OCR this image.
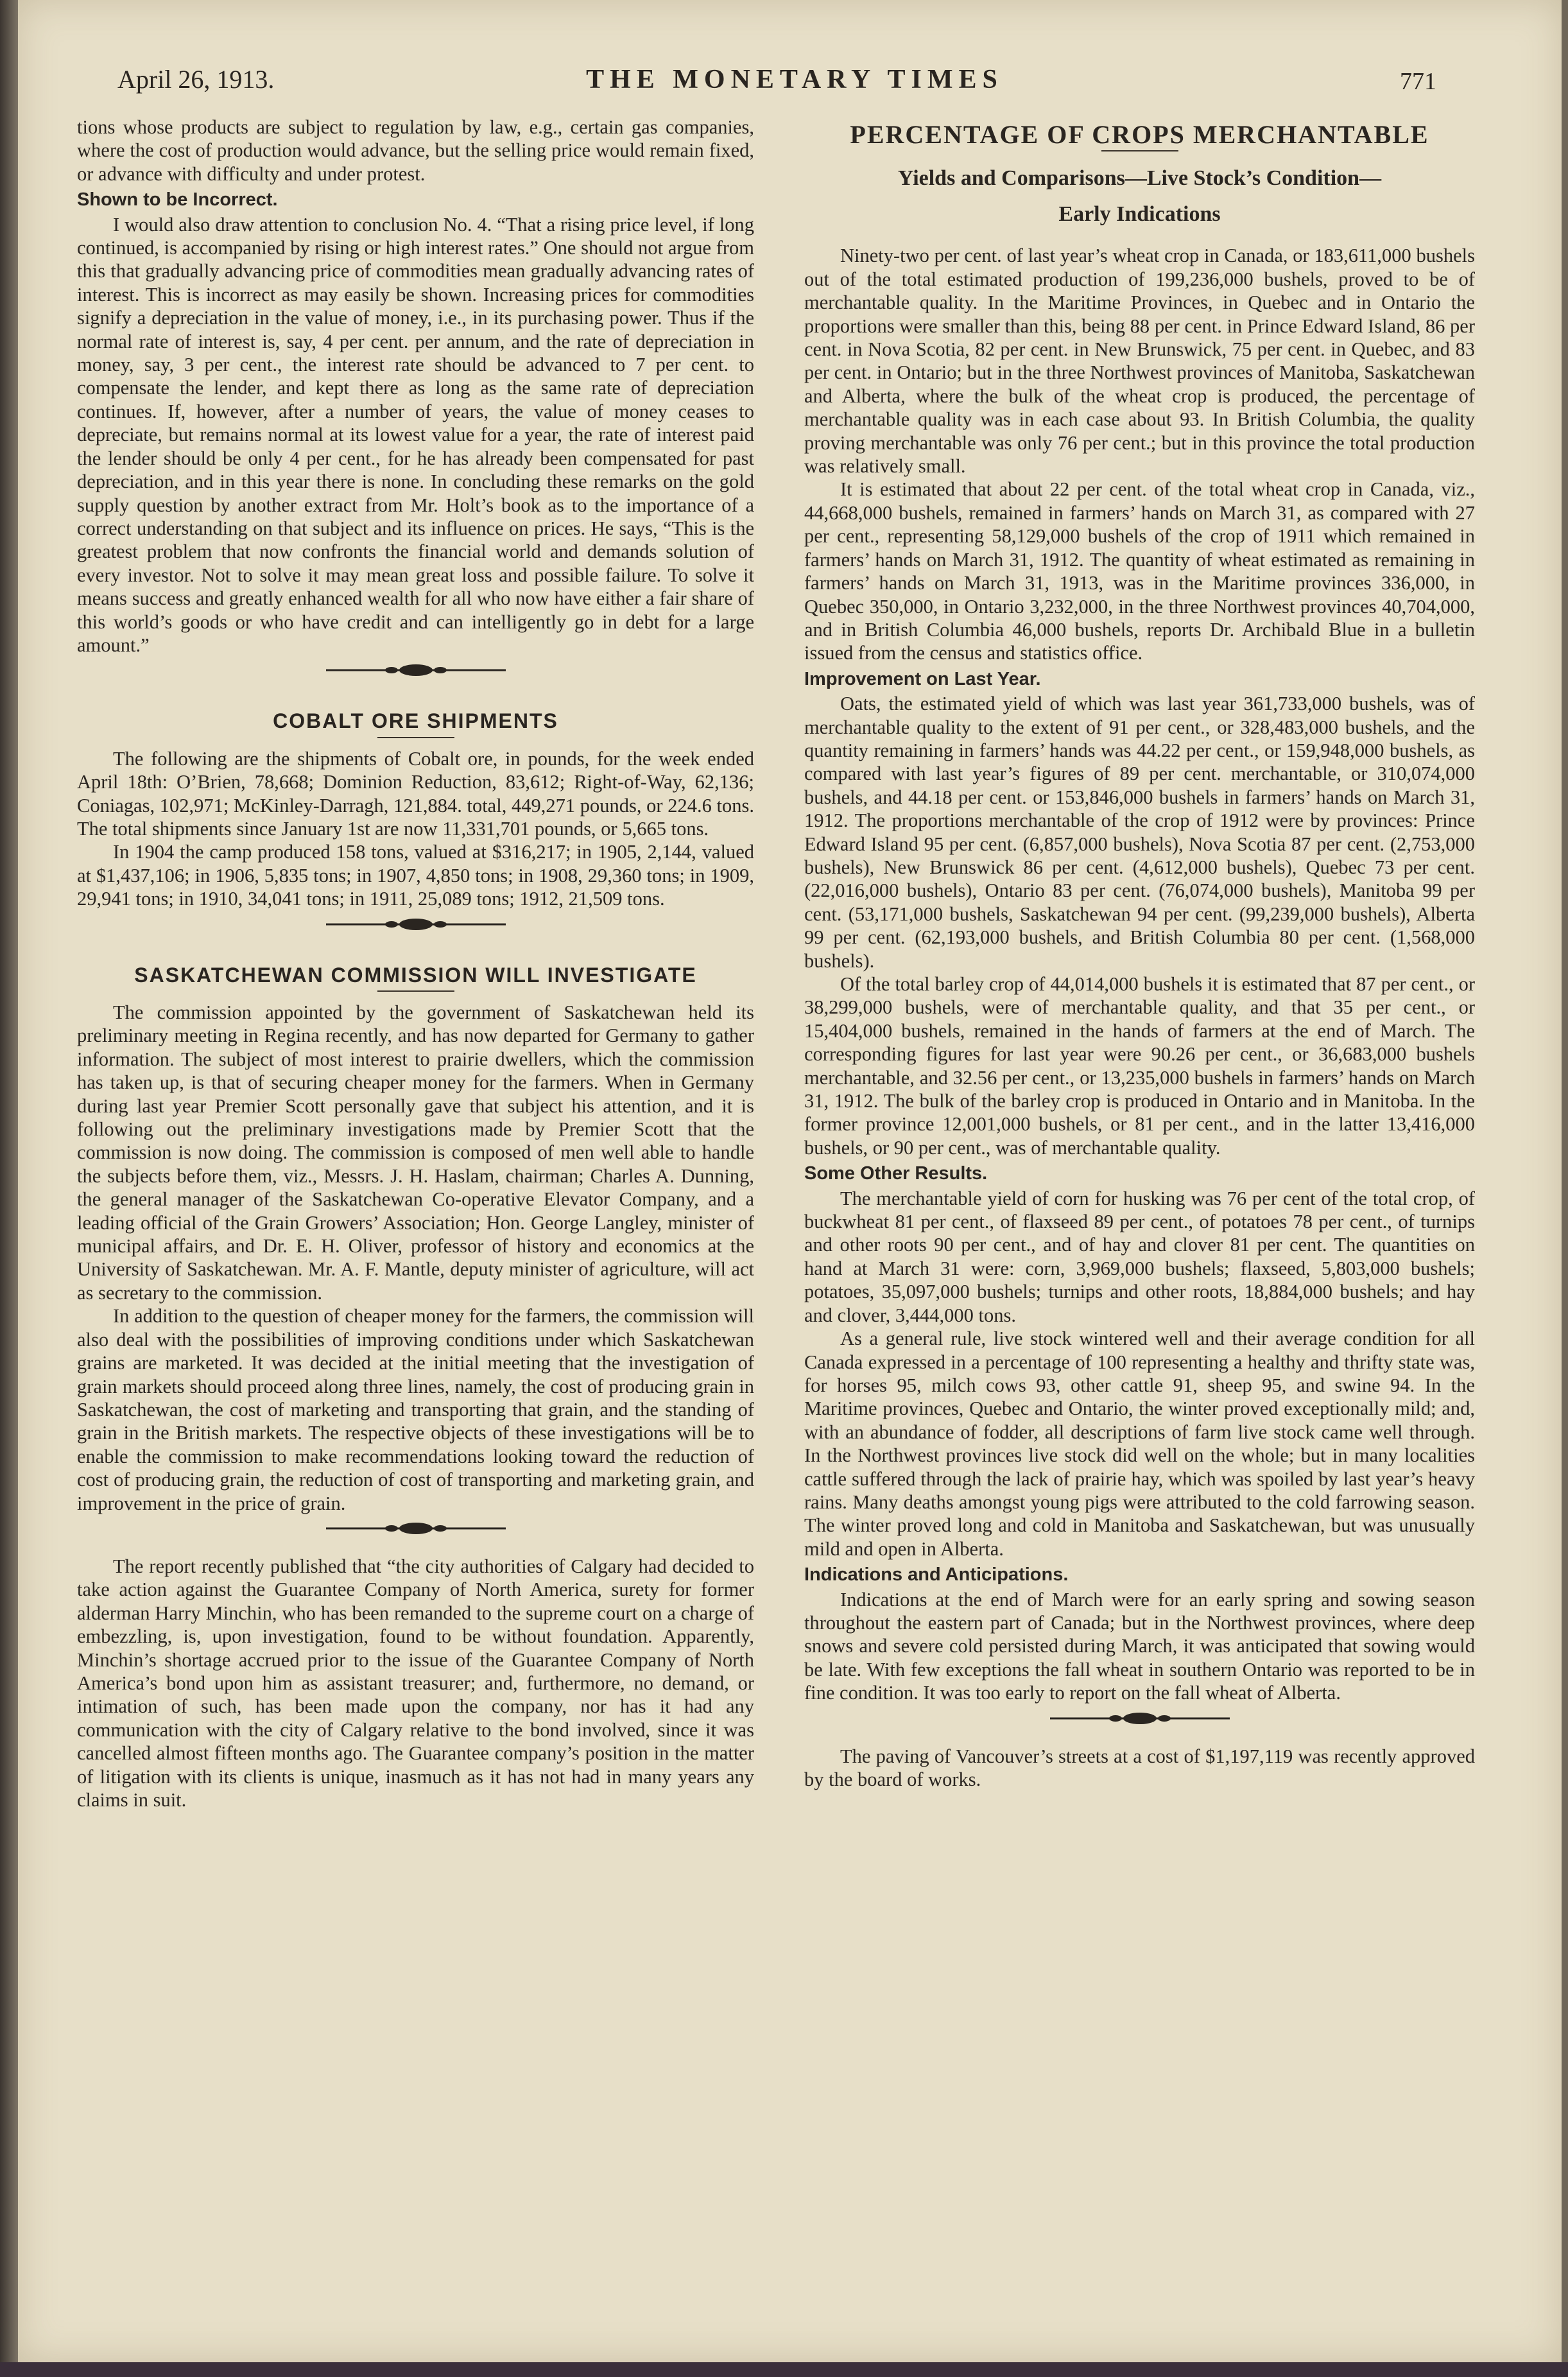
April 26, 1913.	THE MONETARY TIMES	771

tions whose products are subject to regulation by law, e.g., certain gas companies, where the cost of production would advance, but the selling price would remain fixed, or advance with difficulty and under protest.

Shown to be Incorrect.

I would also draw attention to conclusion No. 4. “That a rising price level, if long continued, is accompanied by rising or high interest rates.” One should not argue from this that gradually advancing price of commodities mean gradually advancing rates of interest. This is incorrect as may easily be shown. Increasing prices for commodities signify a depreciation in the value of money, i.e., in its purchasing power. Thus if the normal rate of interest is, say, 4 per cent. per annum, and the rate of depreciation in money, say, 3 per cent., the interest rate should be advanced to 7 per cent. to compensate the lender, and kept there as long as the same rate of depreciation continues. If, however, after a number of years, the value of money ceases to depreciate, but remains normal at its lowest value for a year, the rate of interest paid the lender should be only 4 per cent., for he has already been compensated for past depreciation, and in this year there is none. In concluding these remarks on the gold supply question by another extract from Mr. Holt’s book as to the importance of a correct understanding on that subject and its influence on prices. He says, “This is the greatest problem that now confronts the financial world and demands solution of every investor. Not to solve it may mean great loss and possible failure. To solve it means success and greatly enhanced wealth for all who now have either a fair share of this world’s goods or who have credit and can intelligently go in debt for a large amount.”

COBALT ORE SHIPMENTS

The following are the shipments of Cobalt ore, in pounds, for the week ended April 18th: O’Brien, 78,668; Dominion Reduction, 83,612; Right-of-Way, 62,136; Coniagas, 102,971; McKinley-Darragh, 121,884. total, 449,271 pounds, or 224.6 tons. The total shipments since January 1st are now 11,331,701 pounds, or 5,665 tons.

In 1904 the camp produced 158 tons, valued at $316,217; in 1905, 2,144, valued at $1,437,106; in 1906, 5,835 tons; in 1907, 4,850 tons; in 1908, 29,360 tons; in 1909, 29,941 tons; in 1910, 34,041 tons; in 1911, 25,089 tons; 1912, 21,509 tons.

SASKATCHEWAN COMMISSION WILL INVESTIGATE

The commission appointed by the government of Saskatchewan held its preliminary meeting in Regina recently, and has now departed for Germany to gather information. The subject of most interest to prairie dwellers, which the commission has taken up, is that of securing cheaper money for the farmers. When in Germany during last year Premier Scott personally gave that subject his attention, and it is following out the preliminary investigations made by Premier Scott that the commission is now doing. The commission is composed of men well able to handle the subjects before them, viz., Messrs. J. H. Haslam, chairman; Charles A. Dunning, the general manager of the Saskatchewan Co-operative Elevator Company, and a leading official of the Grain Growers’ Association; Hon. George Langley, minister of municipal affairs, and Dr. E. H. Oliver, professor of history and economics at the University of Saskatchewan. Mr. A. F. Mantle, deputy minister of agriculture, will act as secretary to the commission.

In addition to the question of cheaper money for the farmers, the commission will also deal with the possibilities of improving conditions under which Saskatchewan grains are marketed. It was decided at the initial meeting that the investigation of grain markets should proceed along three lines, namely, the cost of producing grain in Saskatchewan, the cost of marketing and transporting that grain, and the standing of grain in the British markets. The respective objects of these investigations will be to enable the commission to make recommendations looking toward the reduction of cost of producing grain, the reduction of cost of transporting and marketing grain, and improvement in the price of grain.

The report recently published that “the city authorities of Calgary had decided to take action against the Guarantee Company of North America, surety for former alderman Harry Minchin, who has been remanded to the supreme court on a charge of embezzling, is, upon investigation, found to be without foundation. Apparently, Minchin’s shortage accrued prior to the issue of the Guarantee Company of North America’s bond upon him as assistant treasurer; and, furthermore, no demand, or intimation of such, has been made upon the company, nor has it had any communication with the city of Calgary relative to the bond involved, since it was cancelled almost fifteen months ago. The Guarantee company’s position in the matter of litigation with its clients is unique, inasmuch as it has not had in many years any claims in suit.

PERCENTAGE OF CROPS MERCHANTABLE
Yields and Comparisons—Live Stock’s Condition—
Early Indications

Ninety-two per cent. of last year’s wheat crop in Canada, or 183,611,000 bushels out of the total estimated production of 199,236,000 bushels, proved to be of merchantable quality. In the Maritime Provinces, in Quebec and in Ontario the proportions were smaller than this, being 88 per cent. in Prince Edward Island, 86 per cent. in Nova Scotia, 82 per cent. in New Brunswick, 75 per cent. in Quebec, and 83 per cent. in Ontario; but in the three Northwest provinces of Manitoba, Saskatchewan and Alberta, where the bulk of the wheat crop is produced, the percentage of merchantable quality was in each case about 93. In British Columbia, the quality proving merchantable was only 76 per cent.; but in this province the total production was relatively small.

It is estimated that about 22 per cent. of the total wheat crop in Canada, viz., 44,668,000 bushels, remained in farmers’ hands on March 31, as compared with 27 per cent., representing 58,129,000 bushels of the crop of 1911 which remained in farmers’ hands on March 31, 1912. The quantity of wheat estimated as remaining in farmers’ hands on March 31, 1913, was in the Maritime provinces 336,000, in Quebec 350,000, in Ontario 3,232,000, in the three Northwest provinces 40,704,000, and in British Columbia 46,000 bushels, reports Dr. Archibald Blue in a bulletin issued from the census and statistics office.

Improvement on Last Year.

Oats, the estimated yield of which was last year 361,733,000 bushels, was of merchantable quality to the extent of 91 per cent., or 328,483,000 bushels, and the quantity remaining in farmers’ hands was 44.22 per cent., or 159,948,000 bushels, as compared with last year’s figures of 89 per cent. merchantable, or 310,074,000 bushels, and 44.18 per cent. or 153,846,000 bushels in farmers’ hands on March 31, 1912. The proportions merchantable of the crop of 1912 were by provinces: Prince Edward Island 95 per cent. (6,857,000 bushels), Nova Scotia 87 per cent. (2,753,000 bushels), New Brunswick 86 per cent. (4,612,000 bushels), Quebec 73 per cent. (22,016,000 bushels), Ontario 83 per cent. (76,074,000 bushels), Manitoba 99 per cent. (53,171,000 bushels, Saskatchewan 94 per cent. (99,239,000 bushels), Alberta 99 per cent. (62,193,000 bushels, and British Columbia 80 per cent. (1,568,000 bushels).

Of the total barley crop of 44,014,000 bushels it is estimated that 87 per cent., or 38,299,000 bushels, were of merchantable quality, and that 35 per cent., or 15,404,000 bushels, remained in the hands of farmers at the end of March. The corresponding figures for last year were 90.26 per cent., or 36,683,000 bushels merchantable, and 32.56 per cent., or 13,235,000 bushels in farmers’ hands on March 31, 1912. The bulk of the barley crop is produced in Ontario and in Manitoba. In the former province 12,001,000 bushels, or 81 per cent., and in the latter 13,416,000 bushels, or 90 per cent., was of merchantable quality.

Some Other Results.

The merchantable yield of corn for husking was 76 per cent of the total crop, of buckwheat 81 per cent., of flaxseed 89 per cent., of potatoes 78 per cent., of turnips and other roots 90 per cent., and of hay and clover 81 per cent. The quantities on hand at March 31 were: corn, 3,969,000 bushels; flaxseed, 5,803,000 bushels; potatoes, 35,097,000 bushels; turnips and other roots, 18,884,000 bushels; and hay and clover, 3,444,000 tons.

As a general rule, live stock wintered well and their average condition for all Canada expressed in a percentage of 100 representing a healthy and thrifty state was, for horses 95, milch cows 93, other cattle 91, sheep 95, and swine 94. In the Maritime provinces, Quebec and Ontario, the winter proved exceptionally mild; and, with an abundance of fodder, all descriptions of farm live stock came well through. In the Northwest provinces live stock did well on the whole; but in many localities cattle suffered through the lack of prairie hay, which was spoiled by last year’s heavy rains. Many deaths amongst young pigs were attributed to the cold farrowing season. The winter proved long and cold in Manitoba and Saskatchewan, but was unusually mild and open in Alberta.

Indications and Anticipations.

Indications at the end of March were for an early spring and sowing season throughout the eastern part of Canada; but in the Northwest provinces, where deep snows and severe cold persisted during March, it was anticipated that sowing would be late. With few exceptions the fall wheat in southern Ontario was reported to be in fine condition. It was too early to report on the fall wheat of Alberta.

The paving of Vancouver’s streets at a cost of $1,197,119 was recently approved by the board of works.
